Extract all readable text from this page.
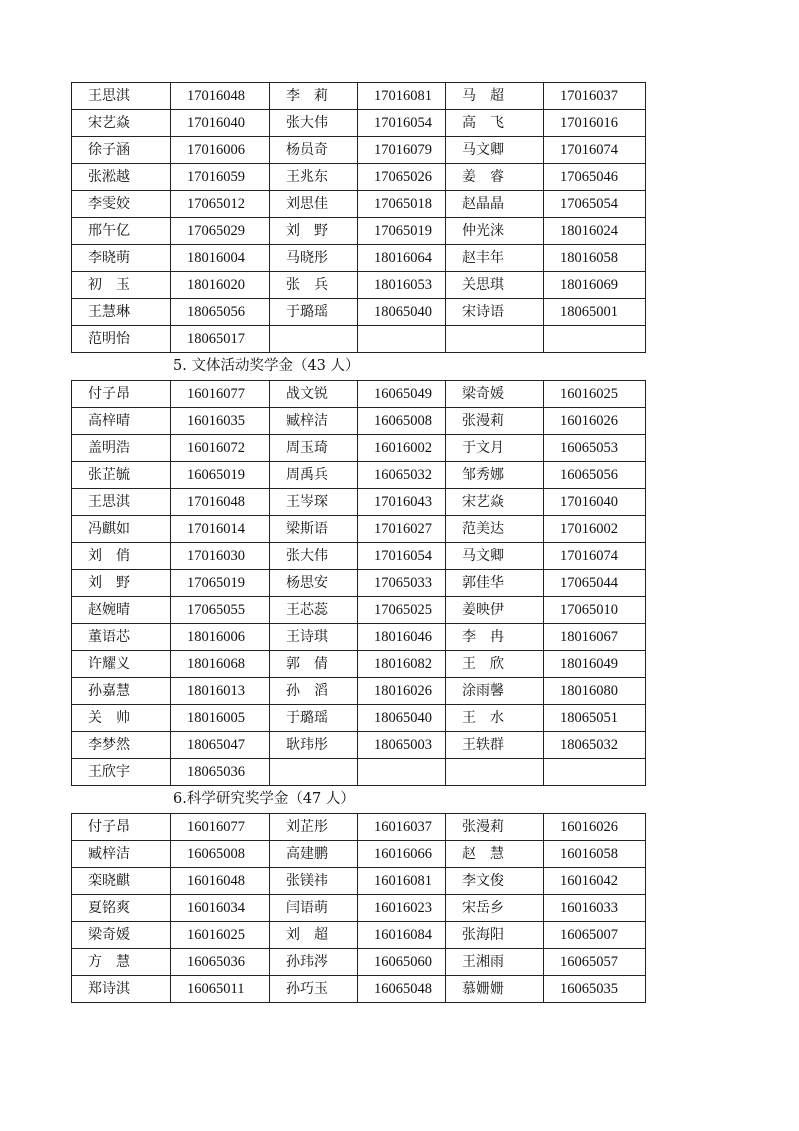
王思淇	17016048	李　莉	17016081	马　超	17016037
宋艺焱	17016040	张大伟	17016054	高　飞	17016016
徐子涵	17016006	杨员奇	17016079	马文卿	17016074
张淞越	17016059	王兆东	17065026	姜　睿	17065046
李雯姣	17065012	刘思佳	17065018	赵晶晶	17065054
邢午亿	17065029	刘　野	17065019	仲光涞	18016024
李晓萌	18016004	马晓彤	18016064	赵丰年	18016058
初　玉	18016020	张　兵	18016053	关思琪	18016069
王慧琳	18065056	于璐瑶	18065040	宋诗语	18065001
范明怡	18065017				
5. 文体活动奖学金（43 人）
付子昂	16016077	战文锐	16065049	梁奇媛	16016025
高梓晴	16016035	臧梓洁	16065008	张漫莉	16016026
盖明浩	16016072	周玉琦	16016002	于文月	16065053
张芷毓	16065019	周禹兵	16065032	邹秀娜	16065056
王思淇	17016048	王岑琛	17016043	宋艺焱	17016040
冯麒如	17016014	梁斯语	17016027	范美达	17016002
刘　俏	17016030	张大伟	17016054	马文卿	17016074
刘　野	17065019	杨思安	17065033	郭佳华	17065044
赵婉晴	17065055	王芯蕊	17065025	姜映伊	17065010
董语芯	18016006	王诗琪	18016046	李　冉	18016067
许耀义	18016068	郭　倩	18016082	王　欣	18016049
孙嘉慧	18016013	孙　滔	18016026	涂雨馨	18016080
关　帅	18016005	于璐瑶	18065040	王　水	18065051
李梦然	18065047	耿玮彤	18065003	王轶群	18065032
王欣宇	18065036				
6.科学研究奖学金（47 人）
付子昂	16016077	刘芷彤	16016037	张漫莉	16016026
臧梓洁	16065008	高建鹏	16016066	赵　慧	16016058
栾晓麒	16016048	张镁祎	16016081	李文俊	16016042
夏铭爽	16016034	闫语萌	16016023	宋岳乡	16016033
梁奇媛	16016025	刘　超	16016084	张海阳	16065007
方　慧	16065036	孙玮涔	16065060	王湘雨	16065057
郑诗淇	16065011	孙巧玉	16065048	慕姗姗	16065035
